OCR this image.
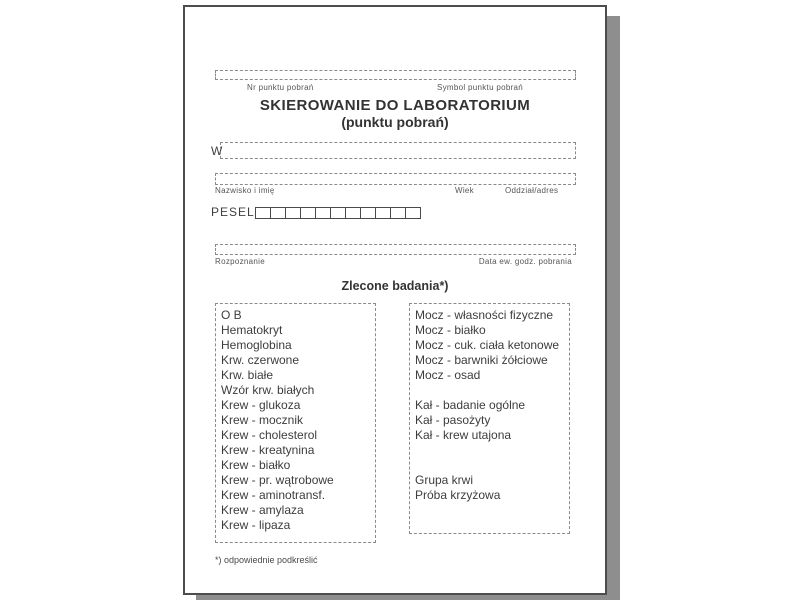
Nr punktu pobrań	Symbol punktu pobrań
SKIEROWANIE DO LABORATORIUM
(punktu pobrań)
W
Nazwisko i imię	Wiek	Oddział/adres
PESEL
Rozpoznanie	Data ew. godz. pobrania
Zlecone badania*)
O B
Hematokryt
Hemoglobina
Krw. czerwone
Krw. białe
Wzór krw. białych
Krew - glukoza
Krew - mocznik
Krew - cholesterol
Krew - kreatynina
Krew - białko
Krew - pr. wątrobowe
Krew - aminotransf.
Krew - amylaza
Krew - lipaza
Mocz - własności fizyczne
Mocz - białko
Mocz - cuk. ciała ketonowe
Mocz - barwniki żółciowe
Mocz - osad

Kał - badanie ogólne
Kał - pasożyty
Kał - krew utajona

Grupa krwi
Próba krzyżowa
*) odpowiednie podkreślić
